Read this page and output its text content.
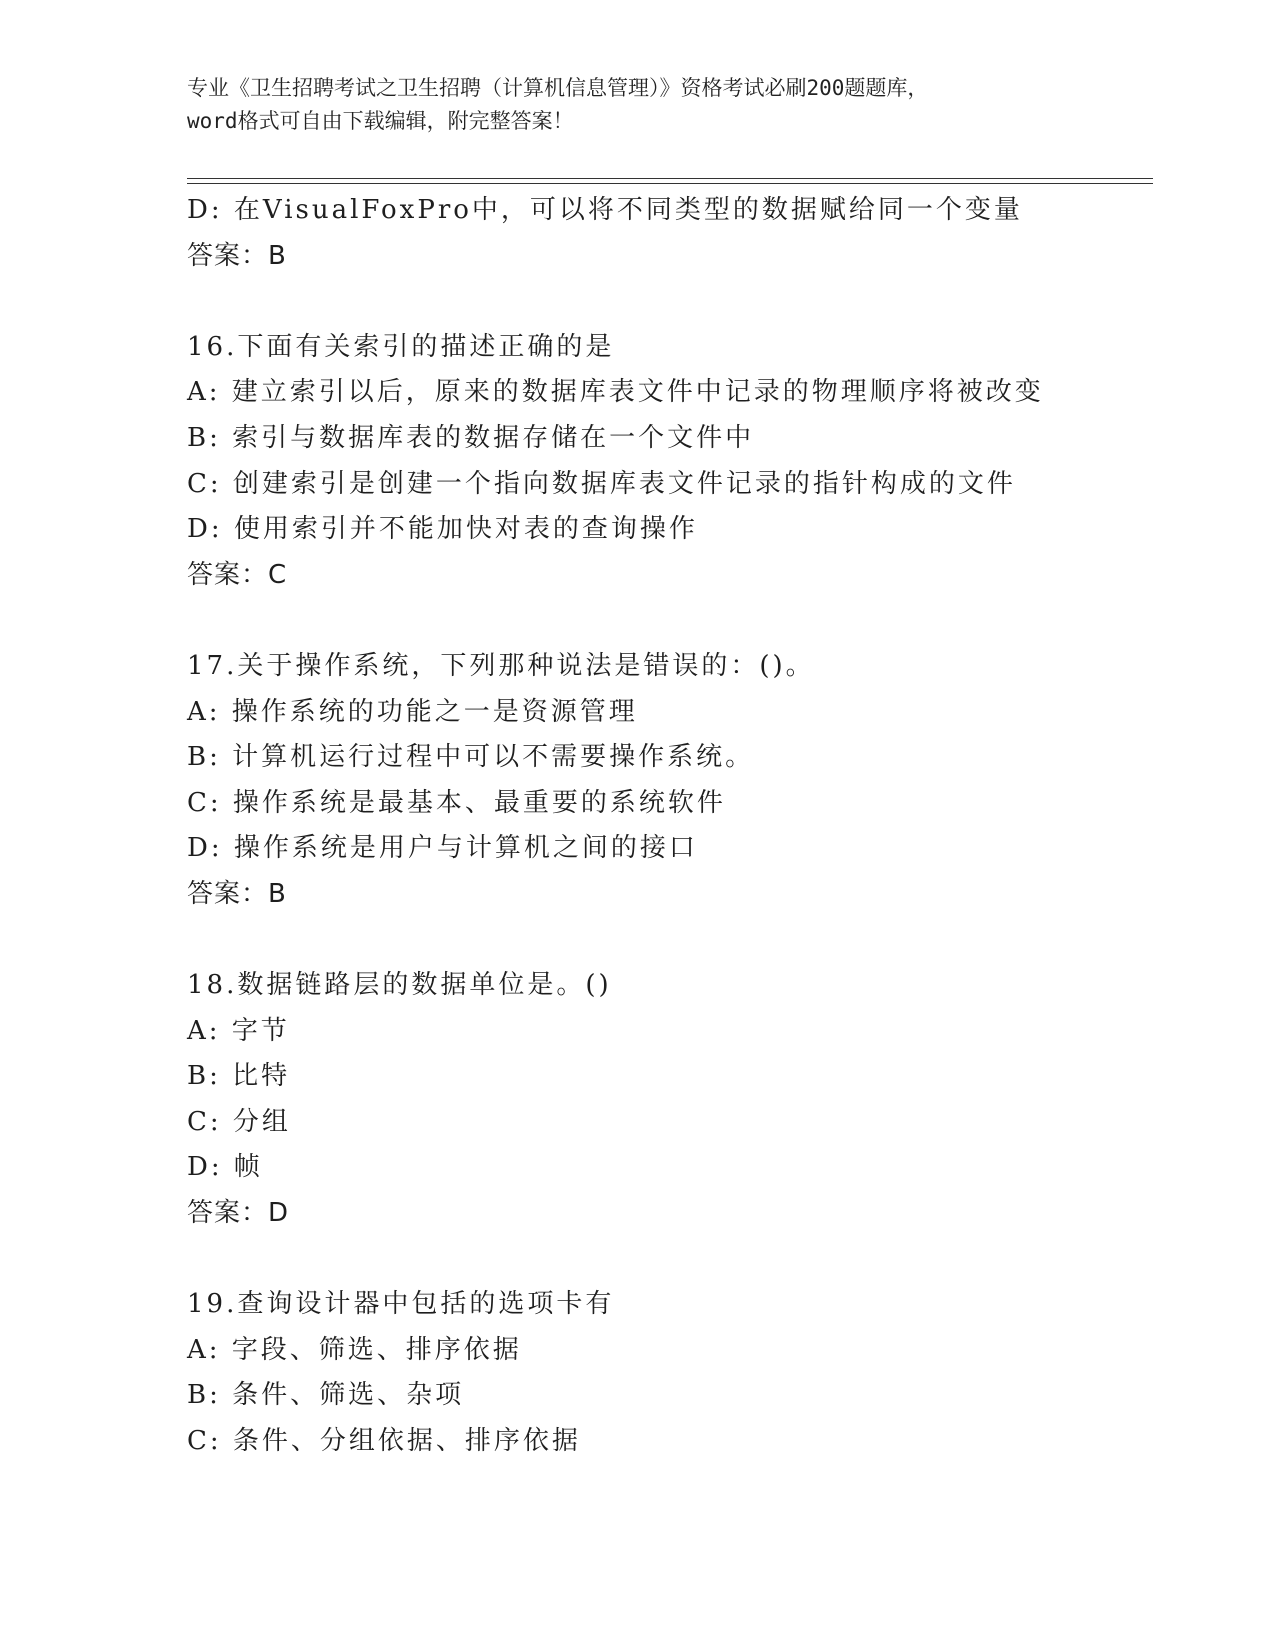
专业《卫生招聘考试之卫生招聘（计算机信息管理）》资格考试必刷200题题库，
word格式可自由下载编辑，附完整答案！
D: 在VisualFoxPro中，可以将不同类型的数据赋给同一个变量
答案：B
16.下面有关索引的描述正确的是
A: 建立索引以后，原来的数据库表文件中记录的物理顺序将被改变
B: 索引与数据库表的数据存储在一个文件中
C: 创建索引是创建一个指向数据库表文件记录的指针构成的文件
D: 使用索引并不能加快对表的查询操作
答案：C
17.关于操作系统，下列那种说法是错误的：()。
A: 操作系统的功能之一是资源管理
B: 计算机运行过程中可以不需要操作系统。
C: 操作系统是最基本、最重要的系统软件
D: 操作系统是用户与计算机之间的接口
答案：B
18.数据链路层的数据单位是。()
A: 字节
B: 比特
C: 分组
D: 帧
答案：D
19.查询设计器中包括的选项卡有
A: 字段、筛选、排序依据
B: 条件、筛选、杂项
C: 条件、分组依据、排序依据
